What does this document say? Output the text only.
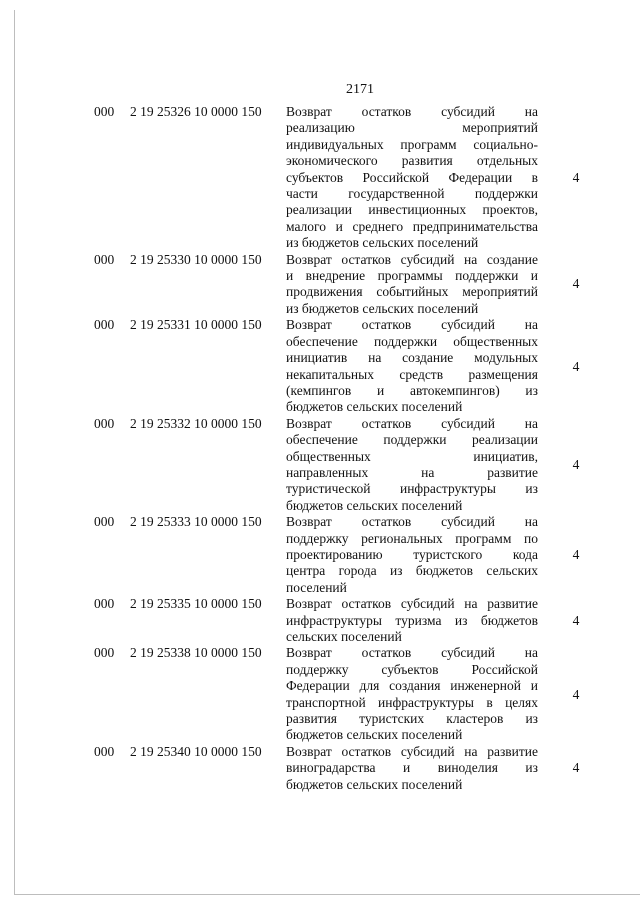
2171
000 2 19 25326 10 0000 150	Возврат остатков субсидий на
реализацию мероприятий
индивидуальных программ социально-
экономического развития отдельных
субъектов Российской Федерации в
части государственной поддержки
реализации инвестиционных проектов,
малого и среднего предпринимательства
из бюджетов сельских поселений
4
000 2 19 25330 10 0000 150	Возврат остатков субсидий на создание
и внедрение программы поддержки и
продвижения событийных мероприятий
из бюджетов сельских поселений
4
000 2 19 25331 10 0000 150	Возврат остатков субсидий на
обеспечение поддержки общественных
инициатив на создание модульных
некапитальных средств размещения
(кемпингов и автокемпингов) из
бюджетов сельских поселений
4
000 2 19 25332 10 0000 150	Возврат остатков субсидий на
обеспечение поддержки реализации
общественных инициатив,
направленных на развитие
туристической инфраструктуры из
бюджетов сельских поселений
4
000 2 19 25333 10 0000 150	Возврат остатков субсидий на
поддержку региональных программ по
проектированию туристского кода
центра города из бюджетов сельских
поселений
4
000 2 19 25335 10 0000 150	Возврат остатков субсидий на развитие
инфраструктуры туризма из бюджетов
сельских поселений
4
000 2 19 25338 10 0000 150	Возврат остатков субсидий на
поддержку субъектов Российской
Федерации для создания инженерной и
транспортной инфраструктуры в целях
развития туристских кластеров из
бюджетов сельских поселений
4
000 2 19 25340 10 0000 150	Возврат остатков субсидий на развитие
виноградарства и виноделия из
бюджетов сельских поселений
4
